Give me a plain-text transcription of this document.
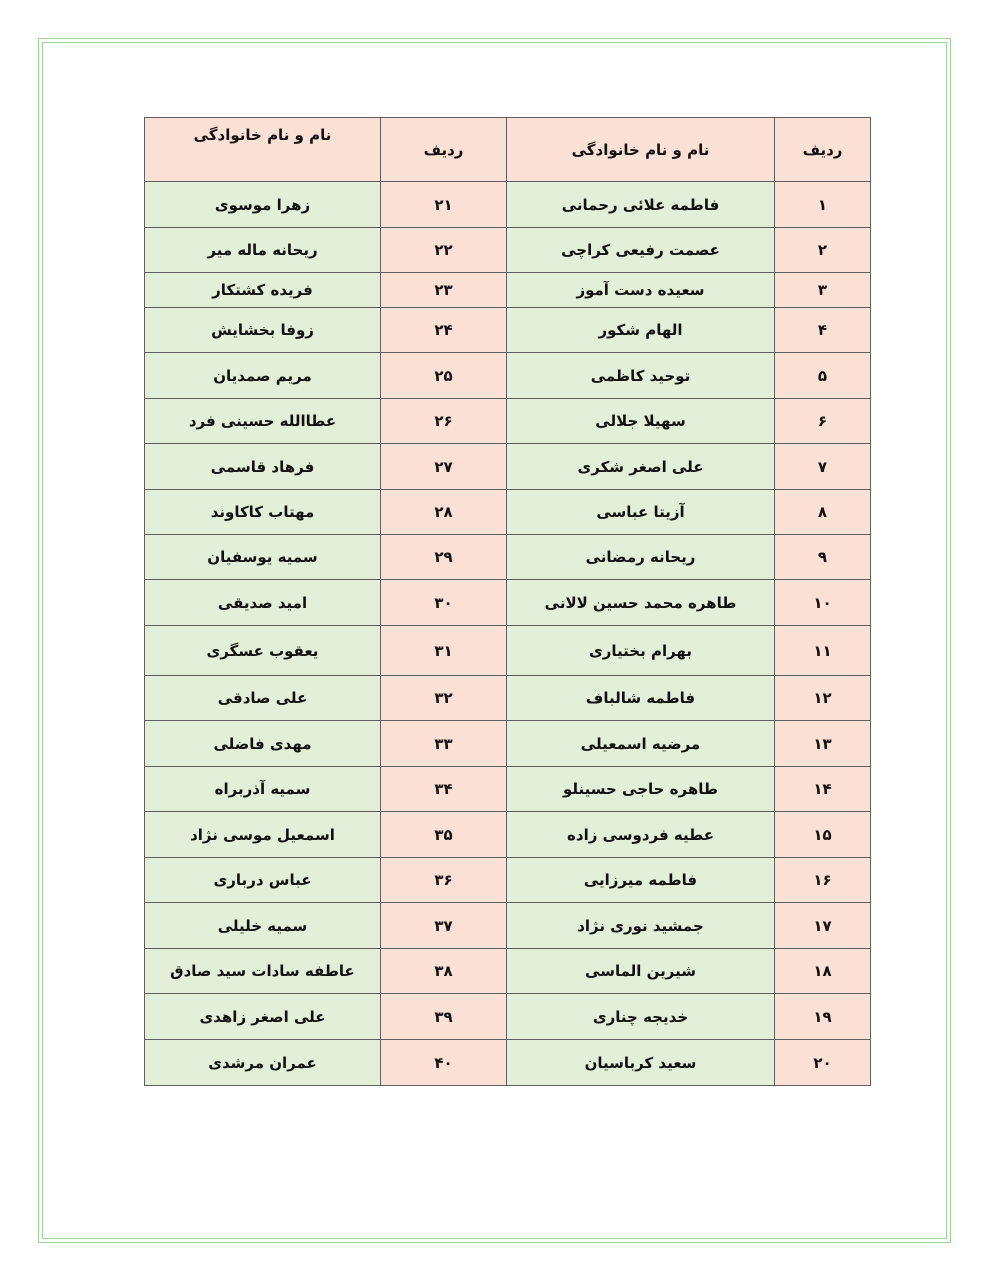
ردیف	نام و نام خانوادگی	ردیف	نام و نام خانوادگی
۱	فاطمه علائی رحمانی	۲۱	زهرا موسوی
۲	عصمت رفیعی کراچی	۲۲	ریحانه ماله میر
۳	سعیده دست آموز	۲۳	فریده کشتکار
۴	الهام شکور	۲۴	زوفا بخشایش
۵	توحید کاظمی	۲۵	مریم صمدیان
۶	سهیلا جلالی	۲۶	عطاالله حسینی فرد
۷	علی اصغر شکری	۲۷	فرهاد قاسمی
۸	آزیتا عباسی	۲۸	مهتاب کاکاوند
۹	ریحانه رمضانی	۲۹	سمیه یوسفیان
۱۰	طاهره محمد حسین لالانی	۳۰	امید صدیقی
۱۱	بهرام بختیاری	۳۱	یعقوب عسگری
۱۲	فاطمه شالباف	۳۲	علی صادقی
۱۳	مرضیه اسمعیلی	۳۳	مهدی فاضلی
۱۴	طاهره حاجی حسینلو	۳۴	سمیه آذربراه
۱۵	عطیه فردوسی زاده	۳۵	اسمعیل موسی نژاد
۱۶	فاطمه میرزایی	۳۶	عباس درباری
۱۷	جمشید نوری نژاد	۳۷	سمیه خلیلی
۱۸	شیرین الماسی	۳۸	عاطفه سادات سید صادق
۱۹	خدیجه چناری	۳۹	علی اصغر زاهدی
۲۰	سعید کرباسیان	۴۰	عمران مرشدی
